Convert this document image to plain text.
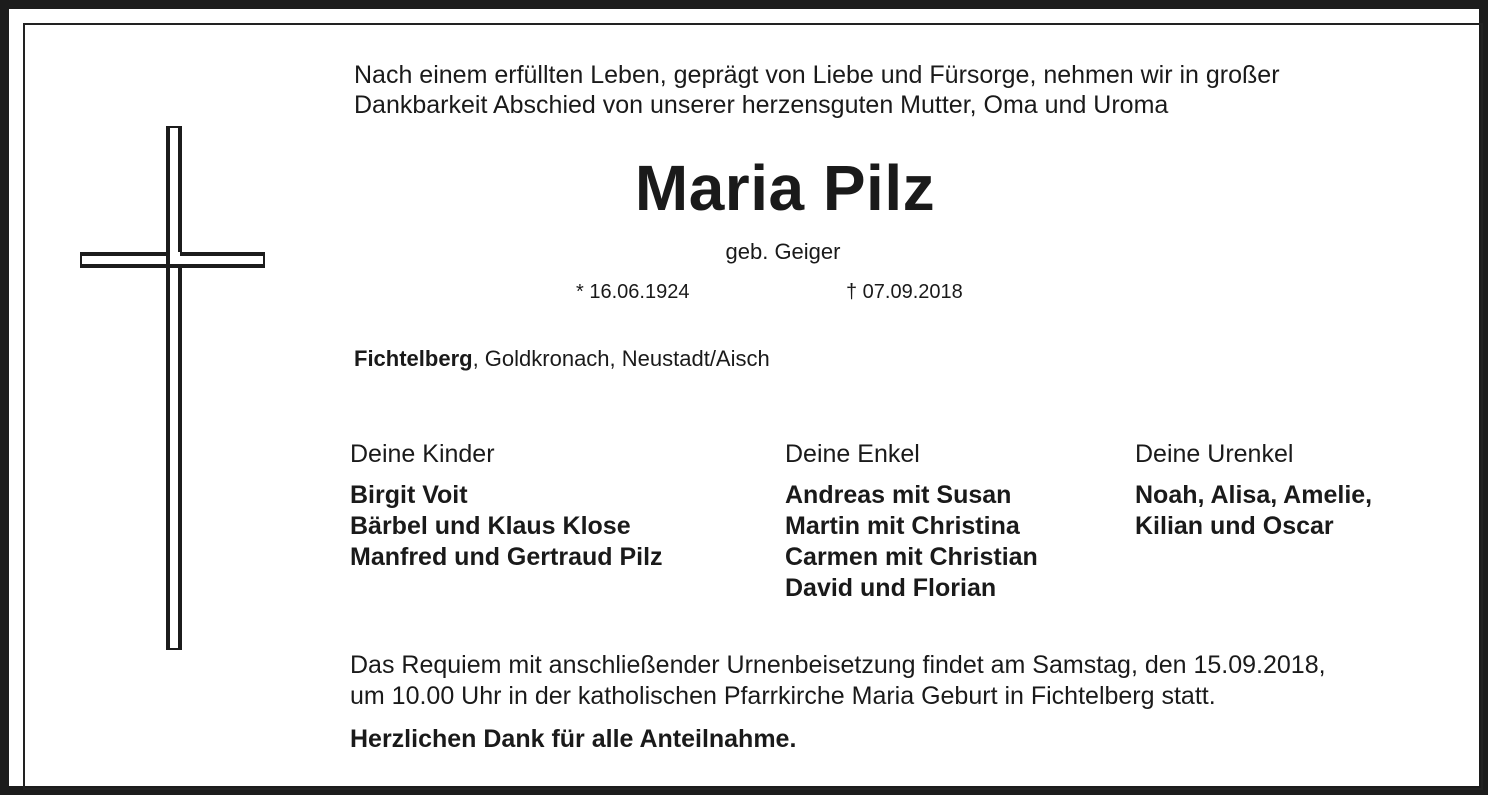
Nach einem erfüllten Leben, geprägt von Liebe und Fürsorge, nehmen wir in großer
Dankbarkeit Abschied von unserer herzensguten Mutter, Oma und Uroma
Maria Pilz
geb. Geiger
* 16.06.1924	† 07.09.2018
Fichtelberg, Goldkronach, Neustadt/Aisch
Deine Kinder
Birgit Voit
Bärbel und Klaus Klose
Manfred und Gertraud Pilz
Deine Enkel
Andreas mit Susan
Martin mit Christina
Carmen mit Christian
David und Florian
Deine Urenkel
Noah, Alisa, Amelie,
Kilian und Oscar
Das Requiem mit anschließender Urnenbeisetzung findet am Samstag, den 15.09.2018,
um 10.00 Uhr in der katholischen Pfarrkirche Maria Geburt in Fichtelberg statt.
Herzlichen Dank für alle Anteilnahme.
